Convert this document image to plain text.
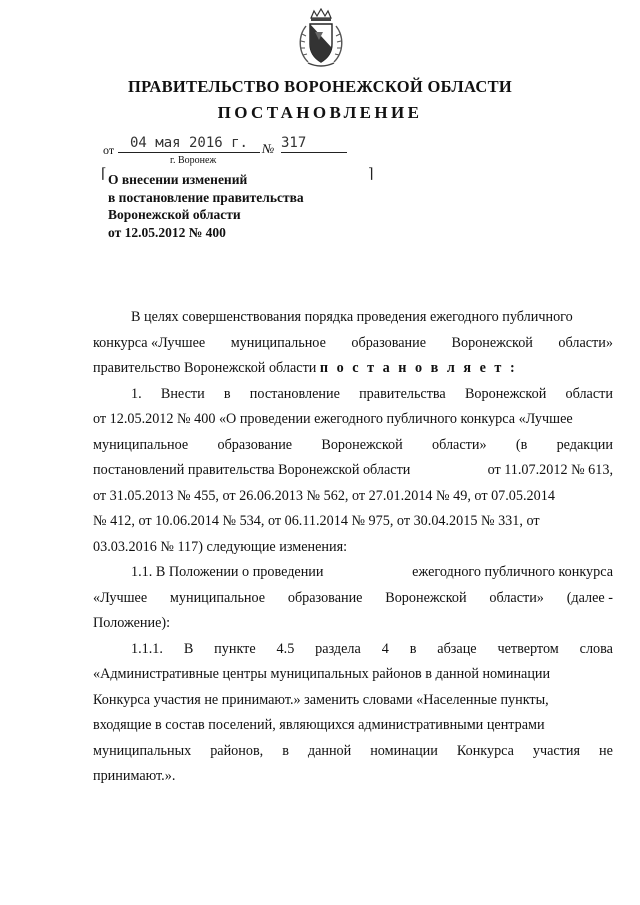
ПРАВИТЕЛЬСТВО ВОРОНЕЖСКОЙ ОБЛАСТИ
ПОСТАНОВЛЕНИЕ
от	04 мая 2016 г.	№ 317
г. Воронеж
⌈	⌉
О внесении изменений
в постановление правительства
Воронежской области
от 12.05.2012 № 400
В целях совершенствования порядка проведения ежегодного публичного
конкурса «Лучшее муниципальное образование Воронежской области»
правительство Воронежской области п о с т а н о в л я е т :
1. Внести в постановление правительства Воронежской области
от 12.05.2012 № 400 «О проведении ежегодного публичного конкурса «Лучшее
муниципальное образование Воронежской области» (в редакции
постановлений правительства Воронежской области	от 11.07.2012 № 613,
от 31.05.2013 № 455, от 26.06.2013 № 562, от 27.01.2014 № 49, от 07.05.2014
№ 412, от 10.06.2014 № 534, от 06.11.2014 № 975, от 30.04.2015 № 331, от
03.03.2016 № 117) следующие изменения:
1.1. В Положении о проведении	ежегодного публичного конкурса
«Лучшее муниципальное образование Воронежской области» (далее -
Положение):
1.1.1. В пункте 4.5 раздела 4 в абзаце четвертом слова
«Административные центры муниципальных районов в данной номинации
Конкурса участия не принимают.» заменить словами «Населенные пункты,
входящие в состав поселений, являющихся административными центрами
муниципальных районов, в данной номинации Конкурса участия не
принимают.».
